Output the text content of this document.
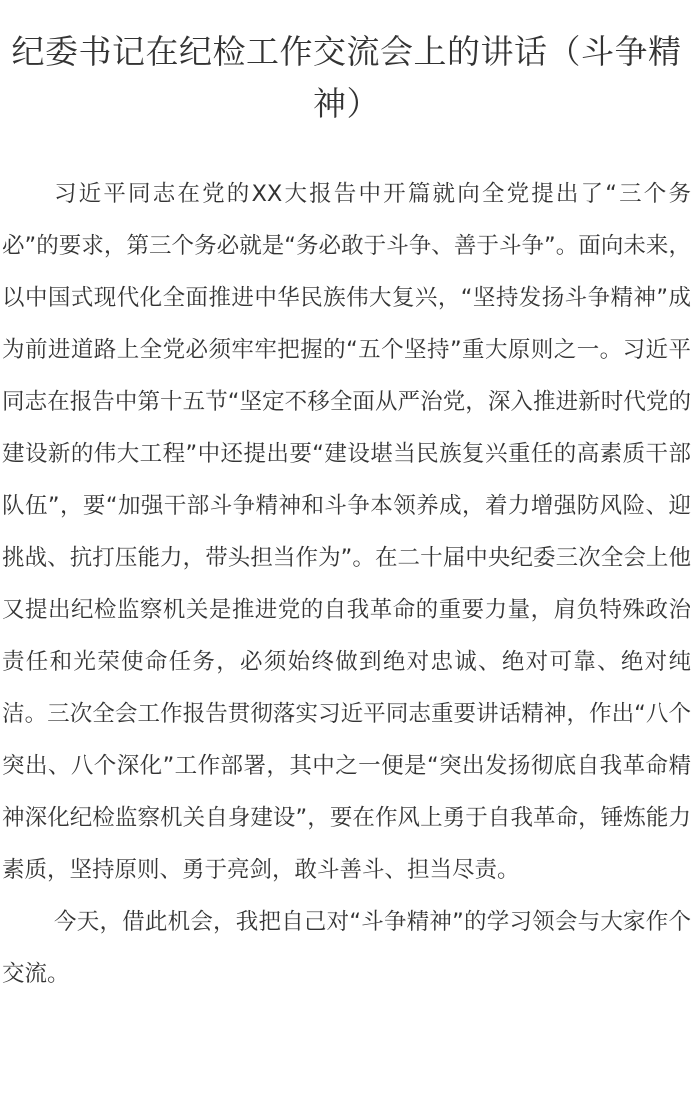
纪委书记在纪检工作交流会上的讲话（斗争精神）

习近平同志在党的XX大报告中开篇就向全党提出了“三个务必”的要求，第三个务必就是“务必敢于斗争、善于斗争”。面向未来，以中国式现代化全面推进中华民族伟大复兴，“坚持发扬斗争精神”成为前进道路上全党必须牢牢把握的“五个坚持”重大原则之一。习近平同志在报告中第十五节“坚定不移全面从严治党，深入推进新时代党的建设新的伟大工程”中还提出要“建设堪当民族复兴重任的高素质干部队伍”，要“加强干部斗争精神和斗争本领养成，着力增强防风险、迎挑战、抗打压能力，带头担当作为”。在二十届中央纪委三次全会上他又提出纪检监察机关是推进党的自我革命的重要力量，肩负特殊政治责任和光荣使命任务，必须始终做到绝对忠诚、绝对可靠、绝对纯洁。三次全会工作报告贯彻落实习近平同志重要讲话精神，作出“八个突出、八个深化”工作部署，其中之一便是“突出发扬彻底自我革命精神深化纪检监察机关自身建设”，要在作风上勇于自我革命，锤炼能力素质，坚持原则、勇于亮剑，敢斗善斗、担当尽责。

今天，借此机会，我把自己对“斗争精神”的学习领会与大家作个交流。
